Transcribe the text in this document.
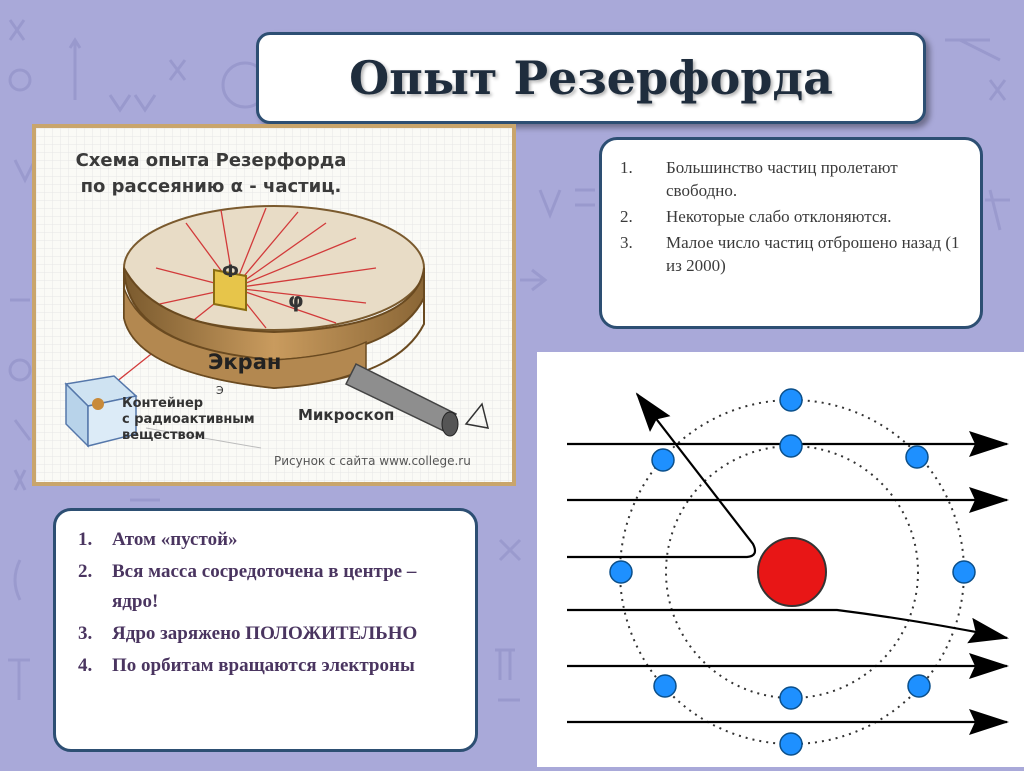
Опыт Резерфорда
Схема опыта Резерфорда
по рассеянию α - частиц.
Ф
φ
Экран
Микроскоп
Э
Контейнер
с радиоактивным
веществом
Рисунок с сайта www.college.ru
1.	Большинство частиц пролетают свободно.
2.	Некоторые слабо отклоняются.
3.	Малое число частиц отброшено назад (1 из 2000)
1.	Атом «пустой»
2.	Вся масса сосредоточена в центре – ядро!
3.	Ядро заряжено ПОЛОЖИТЕЛЬНО
4.	По орбитам вращаются электроны
